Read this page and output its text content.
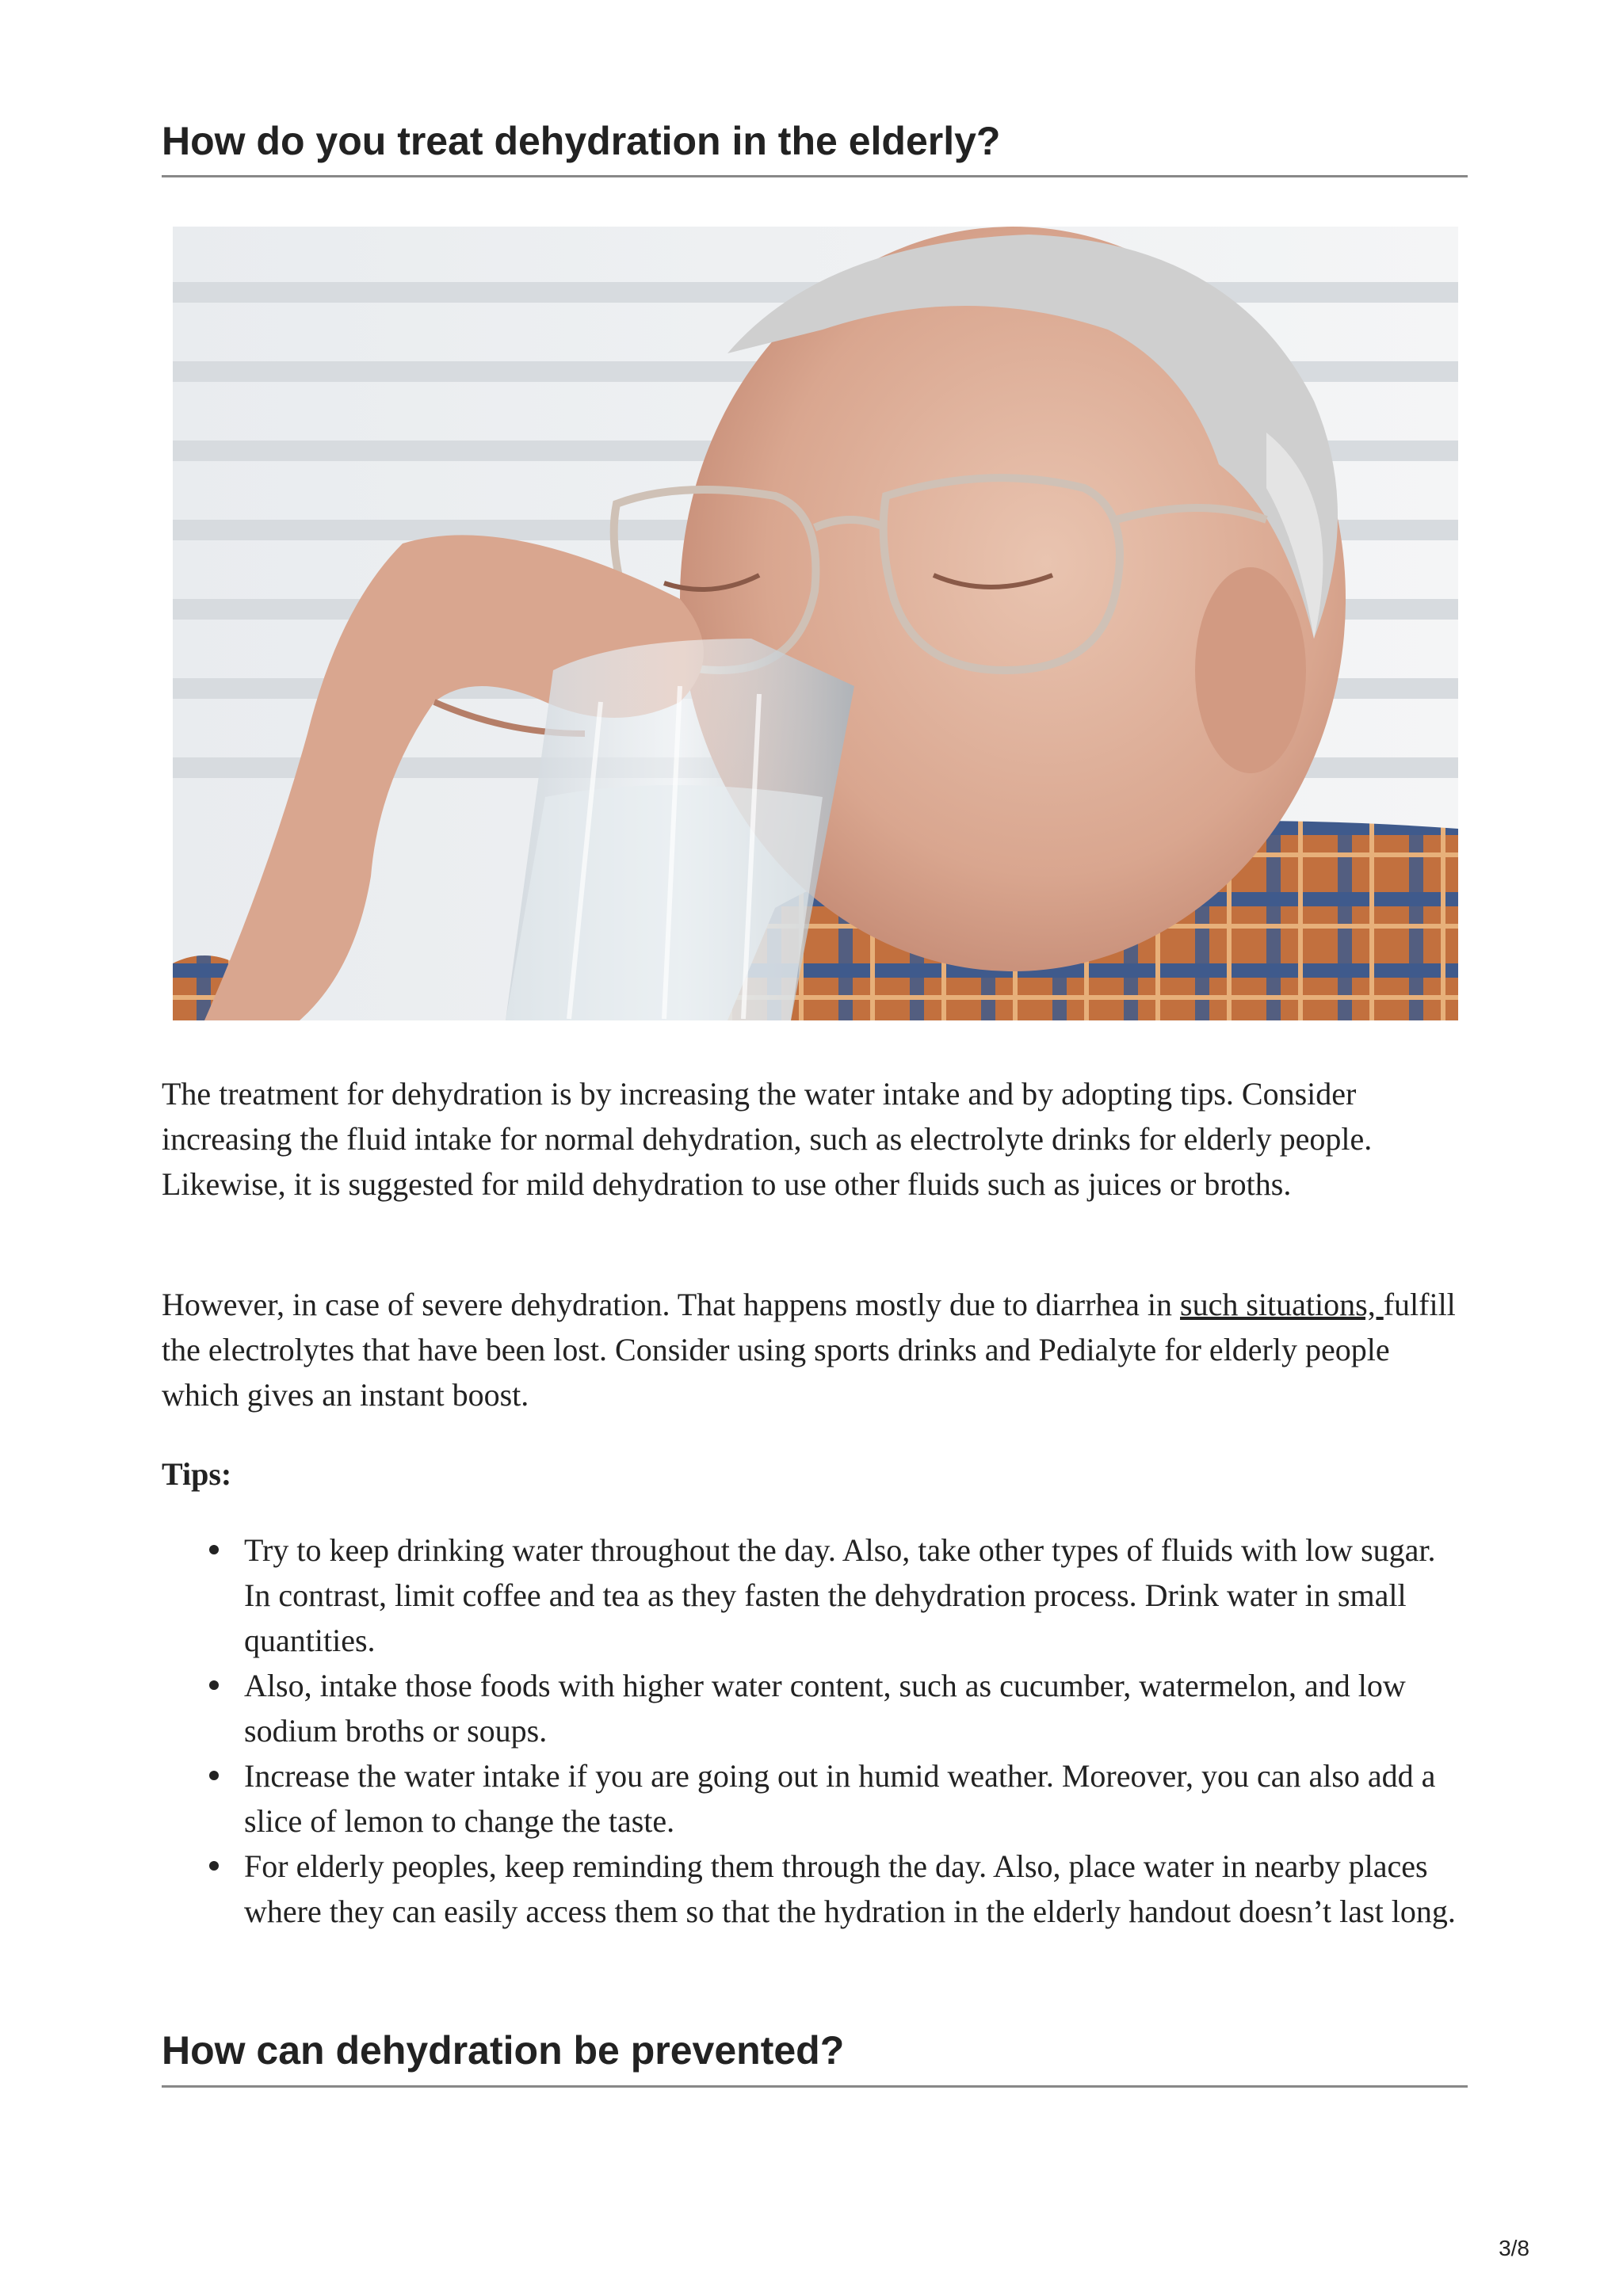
How do you treat dehydration in the elderly?

The treatment for dehydration is by increasing the water intake and by adopting tips. Consider increasing the fluid intake for normal dehydration, such as electrolyte drinks for elderly people. Likewise, it is suggested for mild dehydration to use other fluids such as juices or broths.

However, in case of severe dehydration. That happens mostly due to diarrhea in such situations, fulfill the electrolytes that have been lost. Consider using sports drinks and Pedialyte for elderly people which gives an instant boost.

Tips:

Try to keep drinking water throughout the day. Also, take other types of fluids with low sugar. In contrast, limit coffee and tea as they fasten the dehydration process. Drink water in small quantities.
Also, intake those foods with higher water content, such as cucumber, watermelon, and low sodium broths or soups.
Increase the water intake if you are going out in humid weather. Moreover, you can also add a slice of lemon to change the taste.
For elderly peoples, keep reminding them through the day. Also, place water in nearby places where they can easily access them so that the hydration in the elderly handout doesn’t last long.
How can dehydration be prevented?
3/8
